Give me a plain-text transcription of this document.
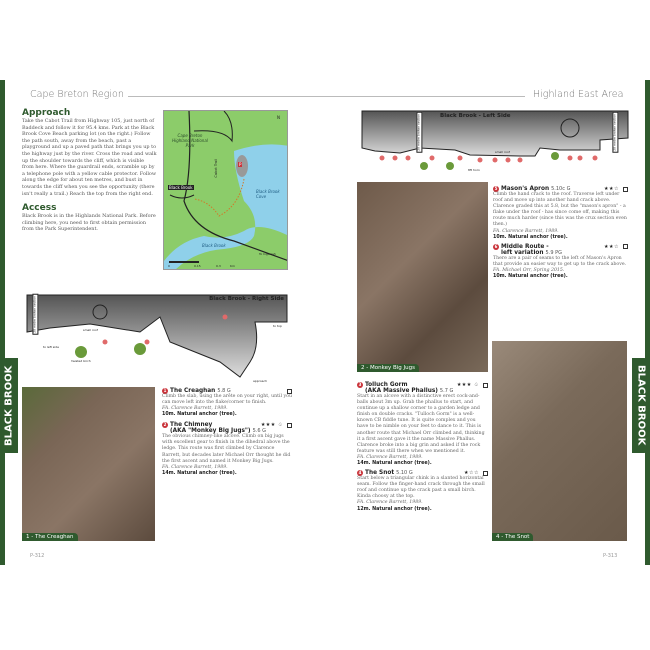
BLACK BROOK	BLACK BROOK
Cape Breton Region
Approach

Take the Cabot Trail from Highway 105, just north of Baddeck and follow it for 95.4 kms. Park at the Black Brook Cove Beach parking lot (on the right.) Follow the path south, away from the beach, past a playground and up a paved path that brings you up to the highway just by the river. Cross the road and walk up the shoulder towards the cliff, which is visible from here. Where the guardrail ends, scramble up by a telephone pole with a yellow cable protector. Follow along the edge for about ten metres, and bust in towards the cliff when you see the opportunity (there isn't really a trail.) Reach the top from the right end.

Access

Black Brook is in the Highlands National Park. Before climbing here, you need to first obtain permission from the Park Superintendent.

P
N
Cape Breton Highland National Park
Cabot Trail
Black Brook
Black Brook Cove
Black Brook
To Ingonish
0	0.15	0.3	Km
20 metre broken section	Black Brook - Right Side
small roof
to left side
to top
twisted birch
approach
1 - The Creaghan
1 The Creaghan 5.8 G

Climb the slab, using the arête on your right, until you can move left into the flake/corner to finish.

FA. Clarence Barrett, 1989.

10m. Natural anchor (tree).

2 The Chimney	★★★ ♤
(AKA "Monkey Big Jugs") 5.6 G

The obvious chimney-like alcove. Climb on big jugs with excellent gear to finish in the dihedral above the ledge. This route was first climbed by Clarence Barrett, but decades later Michael Orr thought he did the first ascent and named it Monkey Big Jugs.

FA. Clarence Barrett, 1989.

14m. Natural anchor (tree).

P-312
Highland East Area
20 metre broken section	20 metre broken section
Black Brook - Left Side
small roof
8ft horn
2 - Monkey Big Jugs
4 - The Snot
5 Mason's Apron 5.10c G	★★☆

Climb the hand crack to the roof. Traverse left under roof and move up into another hand crack above. Clarence graded this at 5.8, but the "mason's apron" - a flake under the roof - has since come off, making this route much harder (since this was the crux section even then.)

FA. Clarence Barrett, 1989.

10m. Natural anchor (tree).

6 Middle Route -	★★☆
left variation 5.9 PG

There are a pair of seams to the left of Mason's Apron that provide an easier way to get up to the crack above.

FA. Michael Orr, Spring 2015.

10m. Natural anchor (tree).

3 Tolluch Gorm	★★★ ♤
(AKA Massive Phallus) 5.7 G

Start in an alcove with a distinctive erect cock-and-balls about 3m up. Grab the phallus to start, and continue up a shallow corner to a garden ledge and finish on double cracks. "Tulloch Gorm" is a well-known CB fiddle tune. It is quite complex and you have to be nimble on your feet to dance to it. This is another route that Michael Orr climbed and, thinking it a first ascent gave it the name Massive Phallus. Clarence broke into a big grin and asked if the rock feature was still there when we mentioned it.

FA. Clarence Barrett, 1989.

14m. Natural anchor (tree).

4 The Snot 5.10 G	★☆☆

Start below a triangular chink in a slanted horizontal seam. Follow the finger-hand crack through the small roof and continue up the crack past a small birch. Kinda choosy at the top.

FA. Clarence Barrett, 1989.

12m. Natural anchor (tree).

P-313
